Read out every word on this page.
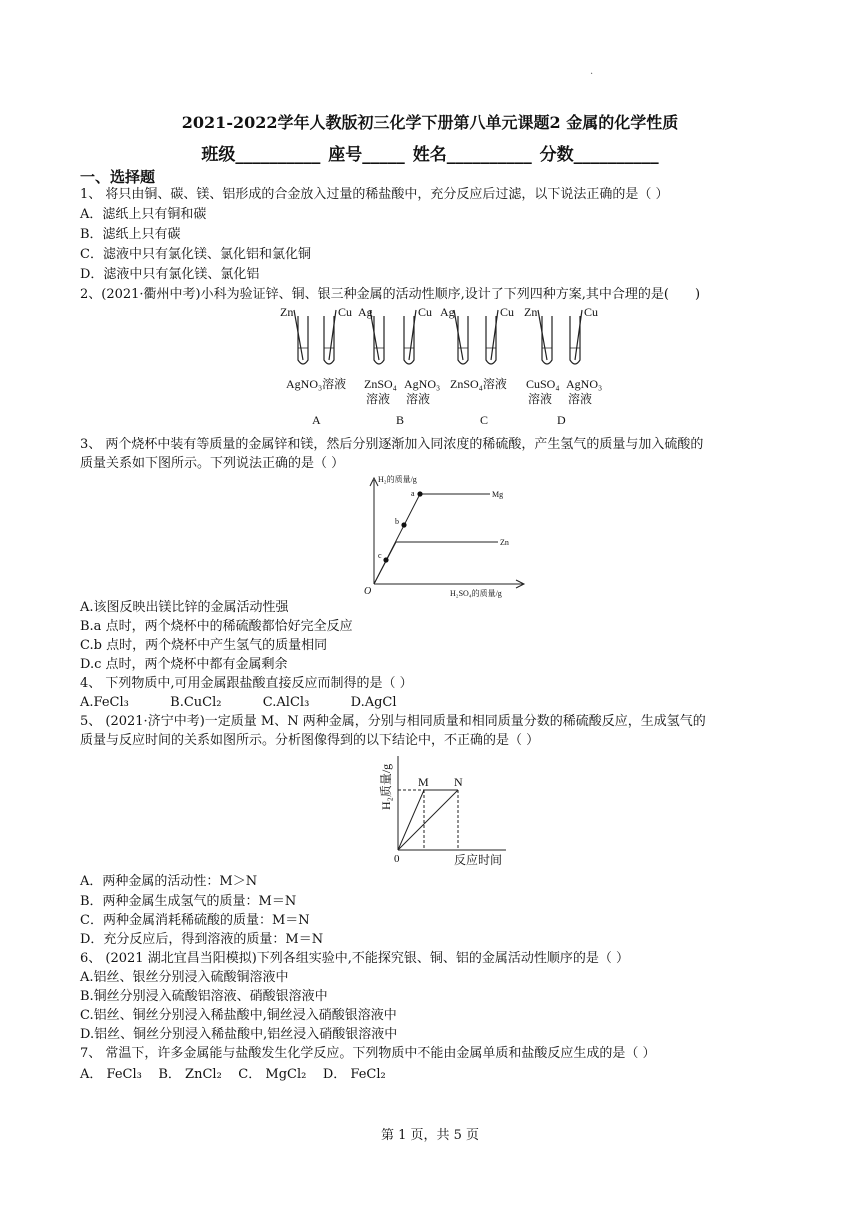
.
2021-2022学年人教版初三化学下册第八单元课题2 金属的化学性质
班级__________ 座号_____ 姓名__________ 分数__________
一、选择题
1、 将只由铜、碳、镁、铝形成的合金放入过量的稀盐酸中，充分反应后过滤，以下说法正确的是（ ）
A．滤纸上只有铜和碳
B．滤纸上只有碳
C．滤液中只有氯化镁、氯化铝和氯化铜
D．滤液中只有氯化镁、氯化铝
2、(2021·衢州中考)小科为验证锌、铜、银三种金属的活动性顺序,设计了下列四种方案,其中合理的是(　　)
Zn	Cu Ag	Cu Ag	Cu Zn	Cu
AgNO₃溶液 ZnSO₄ AgNO₃ ZnSO₄溶液 CuSO₄ AgNO₃
溶液 溶液	溶液 溶液
A	B	C	D
3、 两个烧杯中装有等质量的金属锌和镁，然后分别逐渐加入同浓度的稀硫酸，产生氢气的质量与加入硫酸的
质量关系如下图所示。下列说法正确的是（ ）
H₂的质量/g
H₂SO₄的质量/g
O
Mg
Zn
a
b
c
A.该图反映出镁比锌的金属活动性强
B.a 点时，两个烧杯中的稀硫酸都恰好完全反应
C.b 点时，两个烧杯中产生氢气的质量相同
D.c 点时，两个烧杯中都有金属剩余
4、 下列物质中,可用金属跟盐酸直接反应而制得的是（ ）
A.FeCl₃          B.CuCl₂          C.AlCl₃          D.AgCl
5、 (2021·济宁中考)一定质量 M、N 两种金属，分别与相同质量和相同质量分数的稀硫酸反应，生成氢气的
质量与反应时间的关系如图所示。分析图像得到的以下结论中，不正确的是（ ）
H₂质量/g
反应时间
0
M N
A．两种金属的活动性：M＞N
B．两种金属生成氢气的质量：M＝N
C．两种金属消耗稀硫酸的质量：M＝N
D．充分反应后，得到溶液的质量：M＝N
6、 (2021 湖北宜昌当阳模拟)下列各组实验中,不能探究银、铜、铝的金属活动性顺序的是（ ）
A.铝丝、银丝分别浸入硫酸铜溶液中
B.铜丝分别浸入硫酸铝溶液、硝酸银溶液中
C.铝丝、铜丝分别浸入稀盐酸中,铜丝浸入硝酸银溶液中
D.铝丝、铜丝分别浸入稀盐酸中,铝丝浸入硝酸银溶液中
7、 常温下，许多金属能与盐酸发生化学反应。下列物质中不能由金属单质和盐酸反应生成的是（ ）
A． FeCl₃    B． ZnCl₂    C． MgCl₂    D． FeCl₂
第 1 页，共 5 页
